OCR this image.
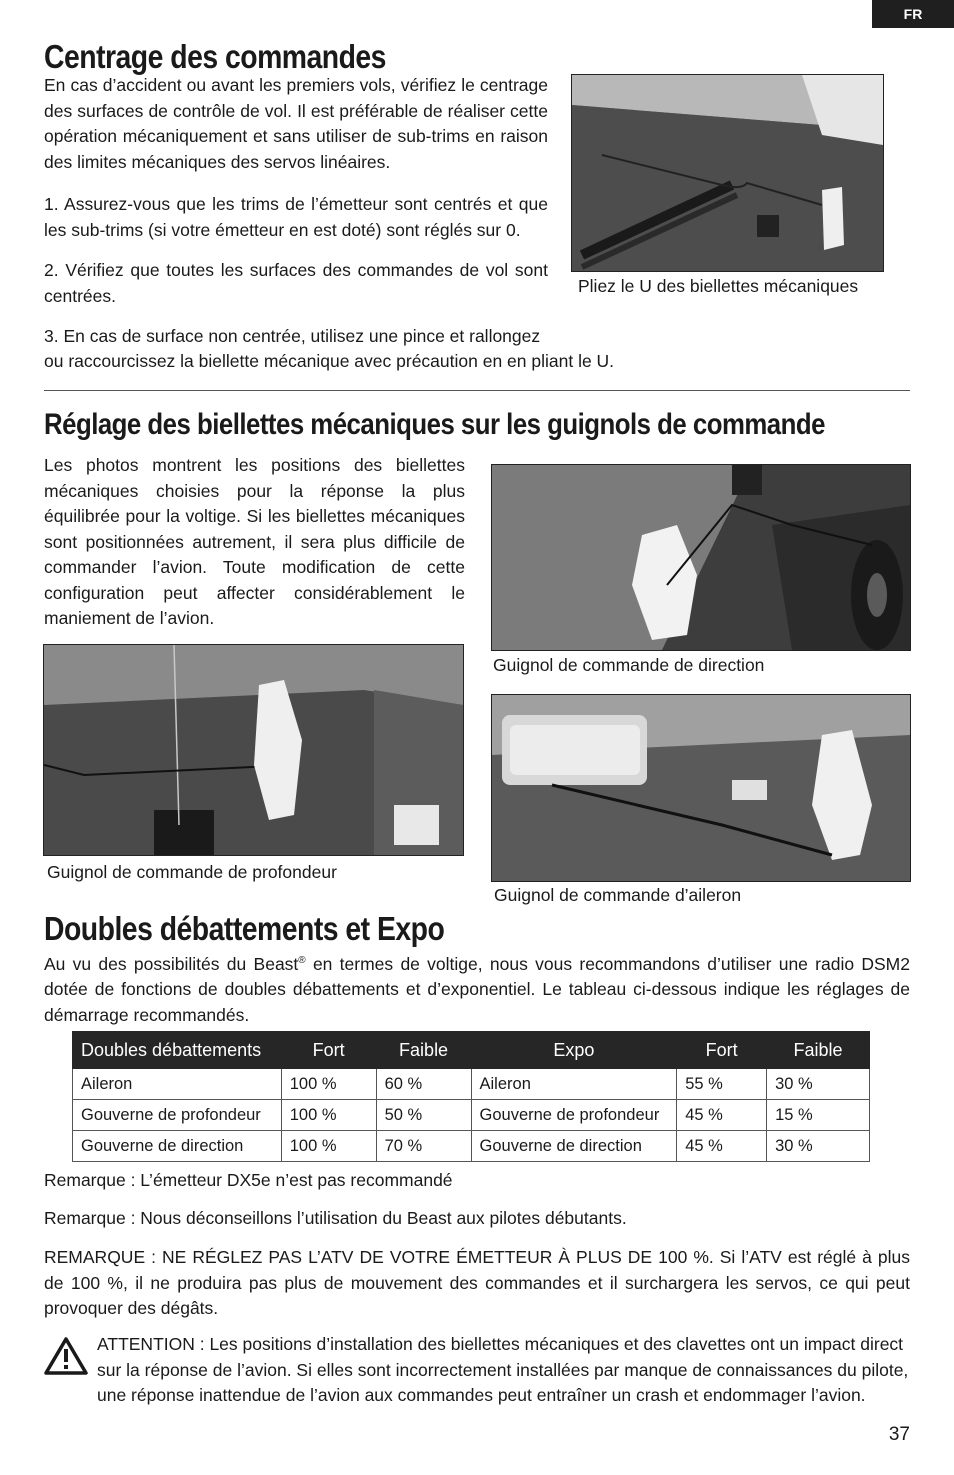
FR
Centrage des commandes

En cas d’accident ou avant les premiers vols, vérifiez le centrage des surfaces de contrôle de vol. Il est préférable de réaliser cette opération mécaniquement et sans utiliser de sub-trims en raison des limites mécaniques des servos linéaires.

1. Assurez-vous que les trims de l’émetteur sont centrés et que les sub-trims (si votre émetteur en est doté) sont réglés sur 0.

2. Vérifiez que toutes les surfaces des commandes de vol sont centrées.

3. En cas de surface non centrée, utilisez une pince et rallongez

ou raccourcissez la biellette mécanique avec précaution en en pliant le U.

Pliez le U des biellettes mécaniques

Réglage des biellettes mécaniques sur les guignols de commande

Les photos montrent les positions des biellettes mécaniques choisies pour la réponse la plus équilibrée pour la voltige. Si les biellettes mécaniques sont positionnées autrement, il sera plus difficile de commander l’avion. Toute modification de cette configuration peut affecter considérablement le maniement de l’avion.

Guignol de commande de direction

Guignol de commande de profondeur

Guignol de commande d’aileron

Doubles débattements et Expo

Au vu des possibilités du Beast® en termes de voltige, nous vous recommandons d’utiliser une radio DSM2 dotée de fonctions de doubles débattements et d’exponentiel. Le tableau ci-dessous indique les réglages de démarrage recommandés.

Doubles débattements	Fort	Faible	Expo	Fort	Faible
Aileron	100 %	60 %	Aileron	55 %	30 %
Gouverne de profondeur	100 %	50 %	Gouverne de profondeur	45 %	15 %
Gouverne de direction	100 %	70 %	Gouverne de direction	45 %	30 %

Remarque : L’émetteur DX5e n’est pas recommandé

Remarque : Nous déconseillons l’utilisation du Beast aux pilotes débutants.

REMARQUE : NE RÉGLEZ PAS L’ATV DE VOTRE ÉMETTEUR À PLUS DE 100 %. Si l’ATV est réglé à plus de 100 %, il ne produira pas plus de mouvement des commandes et il surchargera les servos, ce qui peut provoquer des dégâts.

ATTENTION : Les positions d’installation des biellettes mécaniques et des clavettes ont un impact direct sur la réponse de l’avion. Si elles sont incorrectement installées par manque de connaissances du pilote, une réponse inattendue de l’avion aux commandes peut entraîner un crash et endommager l’avion.

37
